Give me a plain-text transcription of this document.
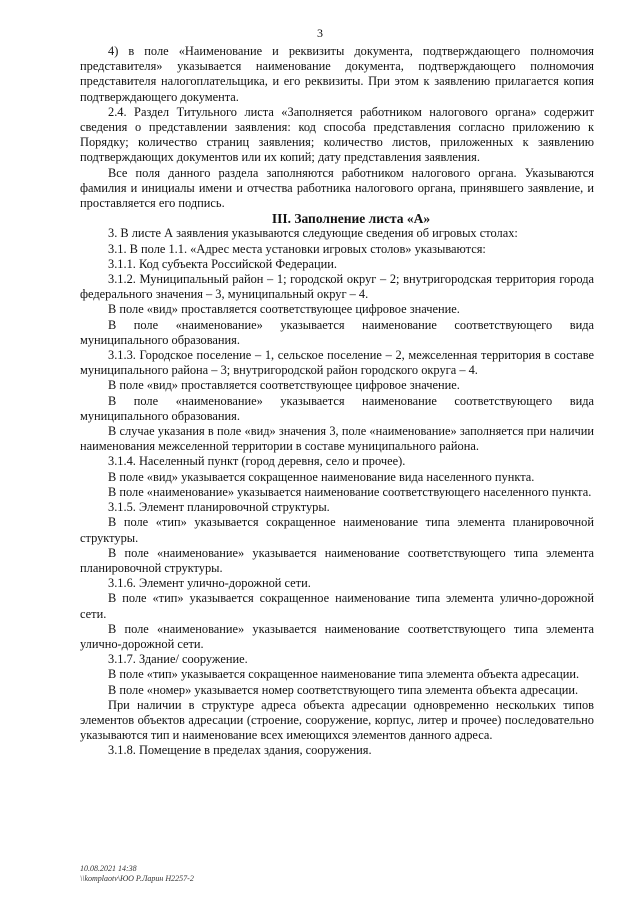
3

4) в поле «Наименование и реквизиты документа, подтверждающего полномочия представителя» указывается наименование документа, подтверждающего полномочия представителя налогоплательщика, и его реквизиты. При этом к заявлению прилагается копия подтверждающего документа.

2.4. Раздел Титульного листа «Заполняется работником налогового органа» содержит сведения о представлении заявления: код способа представления согласно приложению к Порядку; количество страниц заявления; количество листов, приложенных к заявлению подтверждающих документов или их копий; дату представления заявления.

Все поля данного раздела заполняются работником налогового органа. Указываются фамилия и инициалы имени и отчества работника налогового органа, принявшего заявление, и проставляется его подпись.

III. Заполнение листа «А»

3. В листе А заявления указываются следующие сведения об игровых столах:

3.1. В поле 1.1. «Адрес места установки игровых столов» указываются:

3.1.1. Код субъекта Российской Федерации.

3.1.2. Муниципальный район – 1; городской округ – 2; внутригородская территория города федерального значения – 3, муниципальный округ – 4.

В поле «вид» проставляется соответствующее цифровое значение.

В поле «наименование» указывается наименование соответствующего вида муниципального образования.

3.1.3. Городское поселение – 1, сельское поселение – 2, межселенная территория в составе муниципального района – 3; внутригородской район городского округа – 4.

В поле «вид» проставляется соответствующее цифровое значение.

В поле «наименование» указывается наименование соответствующего вида муниципального образования.

В случае указания в поле «вид» значения 3, поле «наименование» заполняется при наличии наименования межселенной территории в составе муниципального района.

3.1.4. Населенный пункт (город деревня, село и прочее).

В поле «вид» указывается сокращенное наименование вида населенного пункта.

В поле «наименование» указывается наименование соответствующего населенного пункта.

3.1.5. Элемент планировочной структуры.

В поле «тип» указывается сокращенное наименование типа элемента планировочной структуры.

В поле «наименование» указывается наименование соответствующего типа элемента планировочной структуры.

3.1.6. Элемент улично-дорожной сети.

В поле «тип» указывается сокращенное наименование типа элемента улично-дорожной сети.

В поле «наименование» указывается наименование соответствующего типа элемента улично-дорожной сети.

3.1.7. Здание/ сооружение.

В поле «тип» указывается сокращенное наименование типа элемента объекта адресации.

В поле «номер» указывается номер соответствующего типа элемента объекта адресации.

При наличии в структуре адреса объекта адресации одновременно нескольких типов элементов объектов адресации (строение, сооружение, корпус, литер и прочее) последовательно указываются тип и наименование всех имеющихся элементов данного адреса.

3.1.8. Помещение в пределах здания, сооружения.

10.08.2021 14:38
\\komplaotv\ЮО Р.Ларин Н2257-2
